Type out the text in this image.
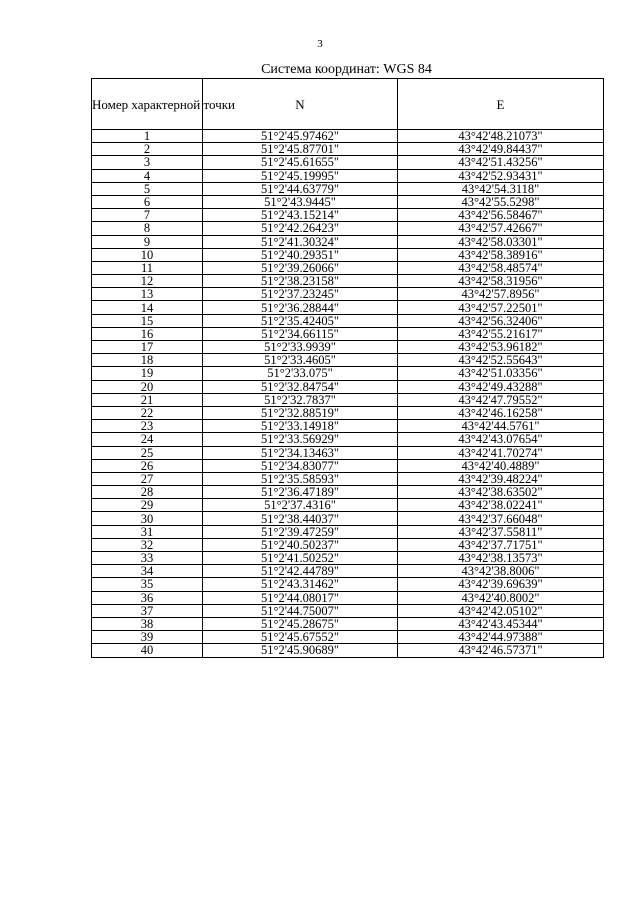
3
Система координат: WGS 84
Номер характерной точки	N	E
1	51°2'45.97462"	43°42'48.21073"
2	51°2'45.87701"	43°42'49.84437"
3	51°2'45.61655"	43°42'51.43256"
4	51°2'45.19995"	43°42'52.93431"
5	51°2'44.63779"	43°42'54.3118"
6	51°2'43.9445"	43°42'55.5298"
7	51°2'43.15214"	43°42'56.58467"
8	51°2'42.26423"	43°42'57.42667"
9	51°2'41.30324"	43°42'58.03301"
10	51°2'40.29351"	43°42'58.38916"
11	51°2'39.26066"	43°42'58.48574"
12	51°2'38.23158"	43°42'58.31956"
13	51°2'37.23245"	43°42'57.8956"
14	51°2'36.28844"	43°42'57.22501"
15	51°2'35.42405"	43°42'56.32406"
16	51°2'34.66115"	43°42'55.21617"
17	51°2'33.9939"	43°42'53.96182"
18	51°2'33.4605"	43°42'52.55643"
19	51°2'33.075"	43°42'51.03356"
20	51°2'32.84754"	43°42'49.43288"
21	51°2'32.7837"	43°42'47.79552"
22	51°2'32.88519"	43°42'46.16258"
23	51°2'33.14918"	43°42'44.5761"
24	51°2'33.56929"	43°42'43.07654"
25	51°2'34.13463"	43°42'41.70274"
26	51°2'34.83077"	43°42'40.4889"
27	51°2'35.58593"	43°42'39.48224"
28	51°2'36.47189"	43°42'38.63502"
29	51°2'37.4316"	43°42'38.02241"
30	51°2'38.44037"	43°42'37.66048"
31	51°2'39.47259"	43°42'37.55811"
32	51°2'40.50237"	43°42'37.71751"
33	51°2'41.50252"	43°42'38.13573"
34	51°2'42.44789"	43°42'38.8006"
35	51°2'43.31462"	43°42'39.69639"
36	51°2'44.08017"	43°42'40.8002"
37	51°2'44.75007"	43°42'42.05102"
38	51°2'45.28675"	43°42'43.45344"
39	51°2'45.67552"	43°42'44.97388"
40	51°2'45.90689"	43°42'46.57371"
